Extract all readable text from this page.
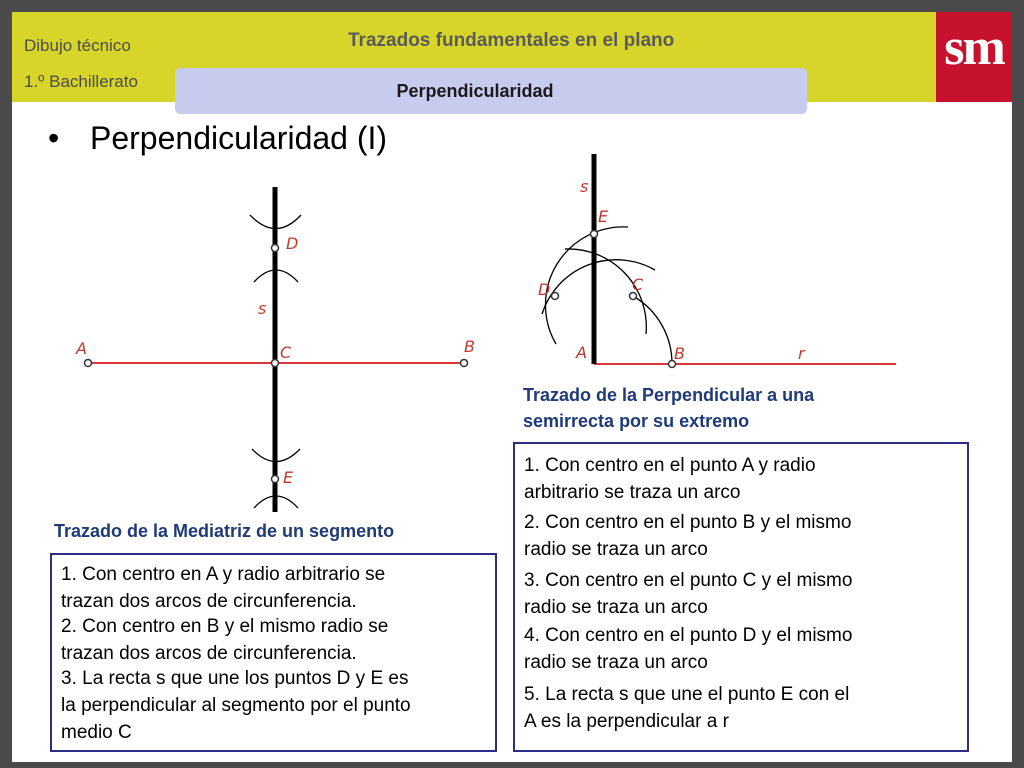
Dibujo técnico
1.º Bachillerato
Trazados fundamentales en el plano	sm
Perpendicularidad
• Perpendicularidad (I)
A	B
C
D
E
s
A	B
C
D
E
s
r
Trazado de la Perpendicular a una
semirrecta por su extremo
Trazado de la Mediatriz de un segmento
1. Con centro en A y radio arbitrario se
trazan dos arcos de circunferencia.
2. Con centro en B y el mismo radio se
trazan dos arcos de circunferencia.
3. La recta s que une los puntos D y E es
la perpendicular al segmento por el punto
medio C
1. Con centro en el punto A y radio
arbitrario se traza un arco
2. Con centro en el punto B y el mismo
radio se traza un arco
3. Con centro en el punto C y el mismo
radio se traza un arco
4. Con centro en el punto D y el mismo
radio se traza un arco
5. La recta s que une el punto E con el
A es la perpendicular a r
